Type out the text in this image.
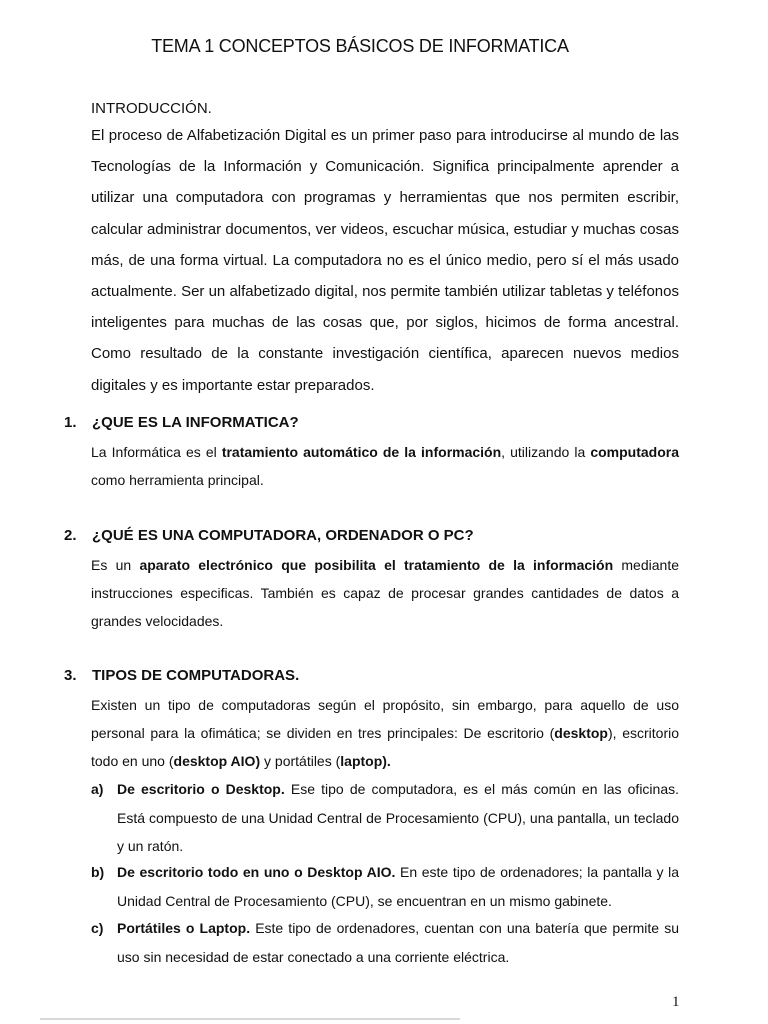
TEMA 1 CONCEPTOS BÁSICOS DE INFORMATICA
INTRODUCCIÓN.
El proceso de Alfabetización Digital es un primer paso para introducirse al mundo de las Tecnologías de la Información y Comunicación. Significa principalmente aprender a utilizar una computadora con programas y herramientas que nos permiten escribir, calcular administrar documentos, ver videos, escuchar música, estudiar y muchas cosas más, de una forma virtual. La computadora no es el único medio, pero sí el más usado actualmente. Ser un alfabetizado digital, nos permite también utilizar tabletas y teléfonos inteligentes para muchas de las cosas que, por siglos, hicimos de forma ancestral. Como resultado de la constante investigación científica, aparecen nuevos medios digitales y es importante estar preparados.
1. ¿QUE ES LA INFORMATICA?
La Informática es el tratamiento automático de la información, utilizando la computadora como herramienta principal.
2. ¿QUÉ ES UNA COMPUTADORA, ORDENADOR O PC?
Es un aparato electrónico que posibilita el tratamiento de la información mediante instrucciones especificas. También es capaz de procesar grandes cantidades de datos a grandes velocidades.
3. TIPOS DE COMPUTADORAS.
Existen un tipo de computadoras según el propósito, sin embargo, para aquello de uso personal para la ofimática; se dividen en tres principales: De escritorio (desktop), escritorio todo en uno (desktop AIO) y portátiles (laptop).
a) De escritorio o Desktop. Ese tipo de computadora, es el más común en las oficinas. Está compuesto de una Unidad Central de Procesamiento (CPU), una pantalla, un teclado y un ratón.
b) De escritorio todo en uno o Desktop AIO. En este tipo de ordenadores; la pantalla y la Unidad Central de Procesamiento (CPU), se encuentran en un mismo gabinete.
c) Portátiles o Laptop. Este tipo de ordenadores, cuentan con una batería que permite su uso sin necesidad de estar conectado a una corriente eléctrica.
1
